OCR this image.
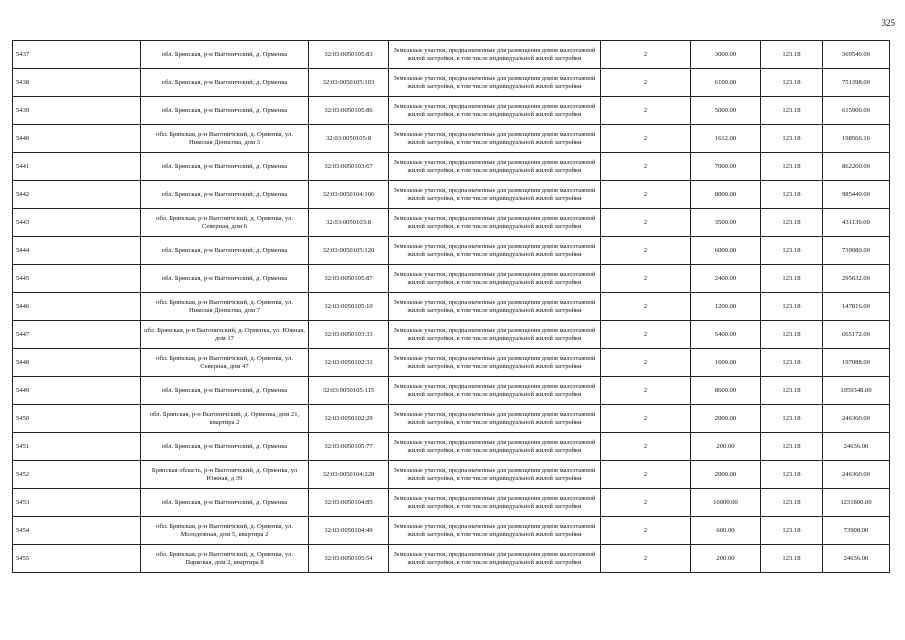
325
5437	обл. Брянская, р-н Выгоничский, д. Орменка	32:03:0050105:83	Земельные участки, предназначенные для размещения домов малоэтажной жилой застройки, в том числе индивидуальной жилой застройки	2	3000.00	123.18	369540.00
5438	обл. Брянская, р-н Выгоничский, д. Орменка	32:03:0050105:103	Земельные участки, предназначенные для размещения домов малоэтажной жилой застройки, в том числе индивидуальной жилой застройки	2	6100.00	123.18	751398.00
5439	обл. Брянская, р-н Выгоничский, д. Орменка	32:03:0050105:86	Земельные участки, предназначенные для размещения домов малоэтажной жилой застройки, в том числе индивидуальной жилой застройки	2	5000.00	123.18	615900.00
5440	обл. Брянская, р-н Выгоничский, д. Орменка, ул. Николая Денисова, дом 3	32:03:0050105:8	Земельные участки, предназначенные для размещения домов малоэтажной жилой застройки, в том числе индивидуальной жилой застройки	2	1612.00	123.18	198566.16
5441	обл. Брянская, р-н Выгоничский, д. Орменка	32:03:0050103:67	Земельные участки, предназначенные для размещения домов малоэтажной жилой застройки, в том числе индивидуальной жилой застройки	2	7000.00	123.18	862260.00
5442	обл. Брянская, р-н Выгоничский, д. Орменка	32:03:0050104:106	Земельные участки, предназначенные для размещения домов малоэтажной жилой застройки, в том числе индивидуальной жилой застройки	2	8000.00	123.18	985440.00
5443	обл. Брянская, р-н Выгоничский, д. Орменка, ул. Северная, дом 6	32:03:0050103:8	Земельные участки, предназначенные для размещения домов малоэтажной жилой застройки, в том числе индивидуальной жилой застройки	2	3500.00	123.18	431130.00
5444	обл. Брянская, р-н Выгоничский, д. Орменка	32:03:0050105:120	Земельные участки, предназначенные для размещения домов малоэтажной жилой застройки, в том числе индивидуальной жилой застройки	2	6000.00	123.18	739080.00
5445	обл. Брянская, р-н Выгоничский, д. Орменка	32:03:0050105:87	Земельные участки, предназначенные для размещения домов малоэтажной жилой застройки, в том числе индивидуальной жилой застройки	2	2400.00	123.18	295632.00
5446	обл. Брянская, р-н Выгоничский, д. Орменка, ул. Николая Денисова, дом 7	32:03:0050105:10	Земельные участки, предназначенные для размещения домов малоэтажной жилой застройки, в том числе индивидуальной жилой застройки	2	1200.00	123.18	147816.00
5447	обл. Брянская, р-н Выгоничский, д. Орменка, ул. Южная, дом 17	32:03:0050103:33	Земельные участки, предназначенные для размещения домов малоэтажной жилой застройки, в том числе индивидуальной жилой застройки	2	5400.00	123.18	665172.00
5448	обл. Брянская, р-н Выгоничский, д. Орменка, ул. Северная, дом 47	32:03:0050102:31	Земельные участки, предназначенные для размещения домов малоэтажной жилой застройки, в том числе индивидуальной жилой застройки	2	1600.00	123.18	197088.00
5449	обл. Брянская, р-н Выгоничский, д. Орменка	32:03:0050105:115	Земельные участки, предназначенные для размещения домов малоэтажной жилой застройки, в том числе индивидуальной жилой застройки	2	8600.00	123.18	1059348.00
5450	обл. Брянская, р-н Выгоничский, д. Орменка, дом 21, квартира 2	32:03:0050102:29	Земельные участки, предназначенные для размещения домов малоэтажной жилой застройки, в том числе индивидуальной жилой застройки	2	2000.00	123.18	246360.00
5451	обл. Брянская, р-н Выгоничский, д. Орменка	32:03:0050105:77	Земельные участки, предназначенные для размещения домов малоэтажной жилой застройки, в том числе индивидуальной жилой застройки	2	200.00	123.18	24636.00
5452	Брянская область, р-н Выгоничский, д. Орменка, ул Южная, д 39	32:03:0050104:228	Земельные участки, предназначенные для размещения домов малоэтажной жилой застройки, в том числе индивидуальной жилой застройки	2	2000.00	123.18	246360.00
5453	обл. Брянская, р-н Выгоничский, д. Орменка	32:03:0050104:85	Земельные участки, предназначенные для размещения домов малоэтажной жилой застройки, в том числе индивидуальной жилой застройки	2	10000.00	123.18	1231800.00
5454	обл. Брянская, р-н Выгоничский, д. Орменка, ул. Молодежная, дом 5, квартира 2	32:03:0050104:49	Земельные участки, предназначенные для размещения домов малоэтажной жилой застройки, в том числе индивидуальной жилой застройки	2	600.00	123.18	73908.00
5455	обл. Брянская, р-н Выгоничский, д. Орменка, ул. Парковая, дом 2, квартира 8	32:03:0050105:54	Земельные участки, предназначенные для размещения домов малоэтажной жилой застройки, в том числе индивидуальной жилой застройки	2	200.00	123.18	24636.00
